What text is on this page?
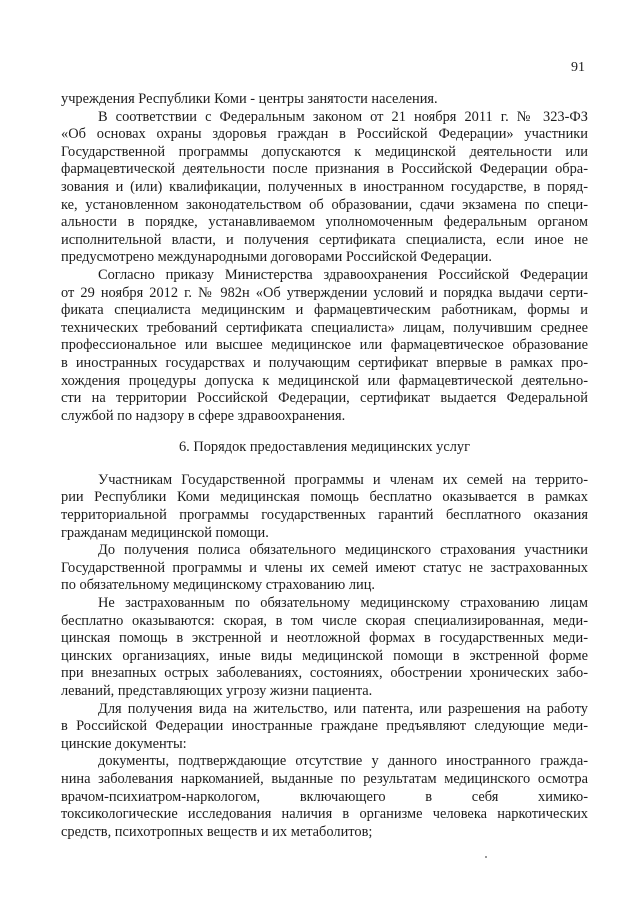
91
учреждения Республики Коми - центры занятости населения.
В соответствии с Федеральным законом от 21 ноября 2011 г. № 323-ФЗ
«Об основах охраны здоровья граждан в Российской Федерации» участники
Государственной программы допускаются к медицинской деятельности или
фармацевтической деятельности после признания в Российской Федерации обра-
зования и (или) квалификации, полученных в иностранном государстве, в поряд-
ке, установленном законодательством об образовании, сдачи экзамена по специ-
альности в порядке, устанавливаемом уполномоченным федеральным органом
исполнительной власти, и получения сертификата специалиста, если иное не
предусмотрено международными договорами Российской Федерации.
Согласно приказу Министерства здравоохранения Российской Федерации
от 29 ноября 2012 г. № 982н «Об утверждении условий и порядка выдачи серти-
фиката специалиста медицинским и фармацевтическим работникам, формы и
технических требований сертификата специалиста» лицам, получившим среднее
профессиональное или высшее медицинское или фармацевтическое образование
в иностранных государствах и получающим сертификат впервые в рамках про-
хождения процедуры допуска к медицинской или фармацевтической деятельно-
сти на территории Российской Федерации, сертификат выдается Федеральной
службой по надзору в сфере здравоохранения.
6. Порядок предоставления медицинских услуг
Участникам Государственной программы и членам их семей на террито-
рии Республики Коми медицинская помощь бесплатно оказывается в рамках
территориальной программы государственных гарантий бесплатного оказания
гражданам медицинской помощи.
До получения полиса обязательного медицинского страхования участники
Государственной программы и члены их семей имеют статус не застрахованных
по обязательному медицинскому страхованию лиц.
Не застрахованным по обязательному медицинскому страхованию лицам
бесплатно оказываются: скорая, в том числе скорая специализированная, меди-
цинская помощь в экстренной и неотложной формах в государственных меди-
цинских организациях, иные виды медицинской помощи в экстренной форме
при внезапных острых заболеваниях, состояниях, обострении хронических забо-
леваний, представляющих угрозу жизни пациента.
Для получения вида на жительство, или патента, или разрешения на работу
в Российской Федерации иностранные граждане предъявляют следующие меди-
цинские документы:
документы, подтверждающие отсутствие у данного иностранного гражда-
нина заболевания наркоманией, выданные по результатам медицинского осмотра
врачом-психиатром-наркологом, включающего в себя химико-
токсикологические исследования наличия в организме человека наркотических
средств, психотропных веществ и их метаболитов;
